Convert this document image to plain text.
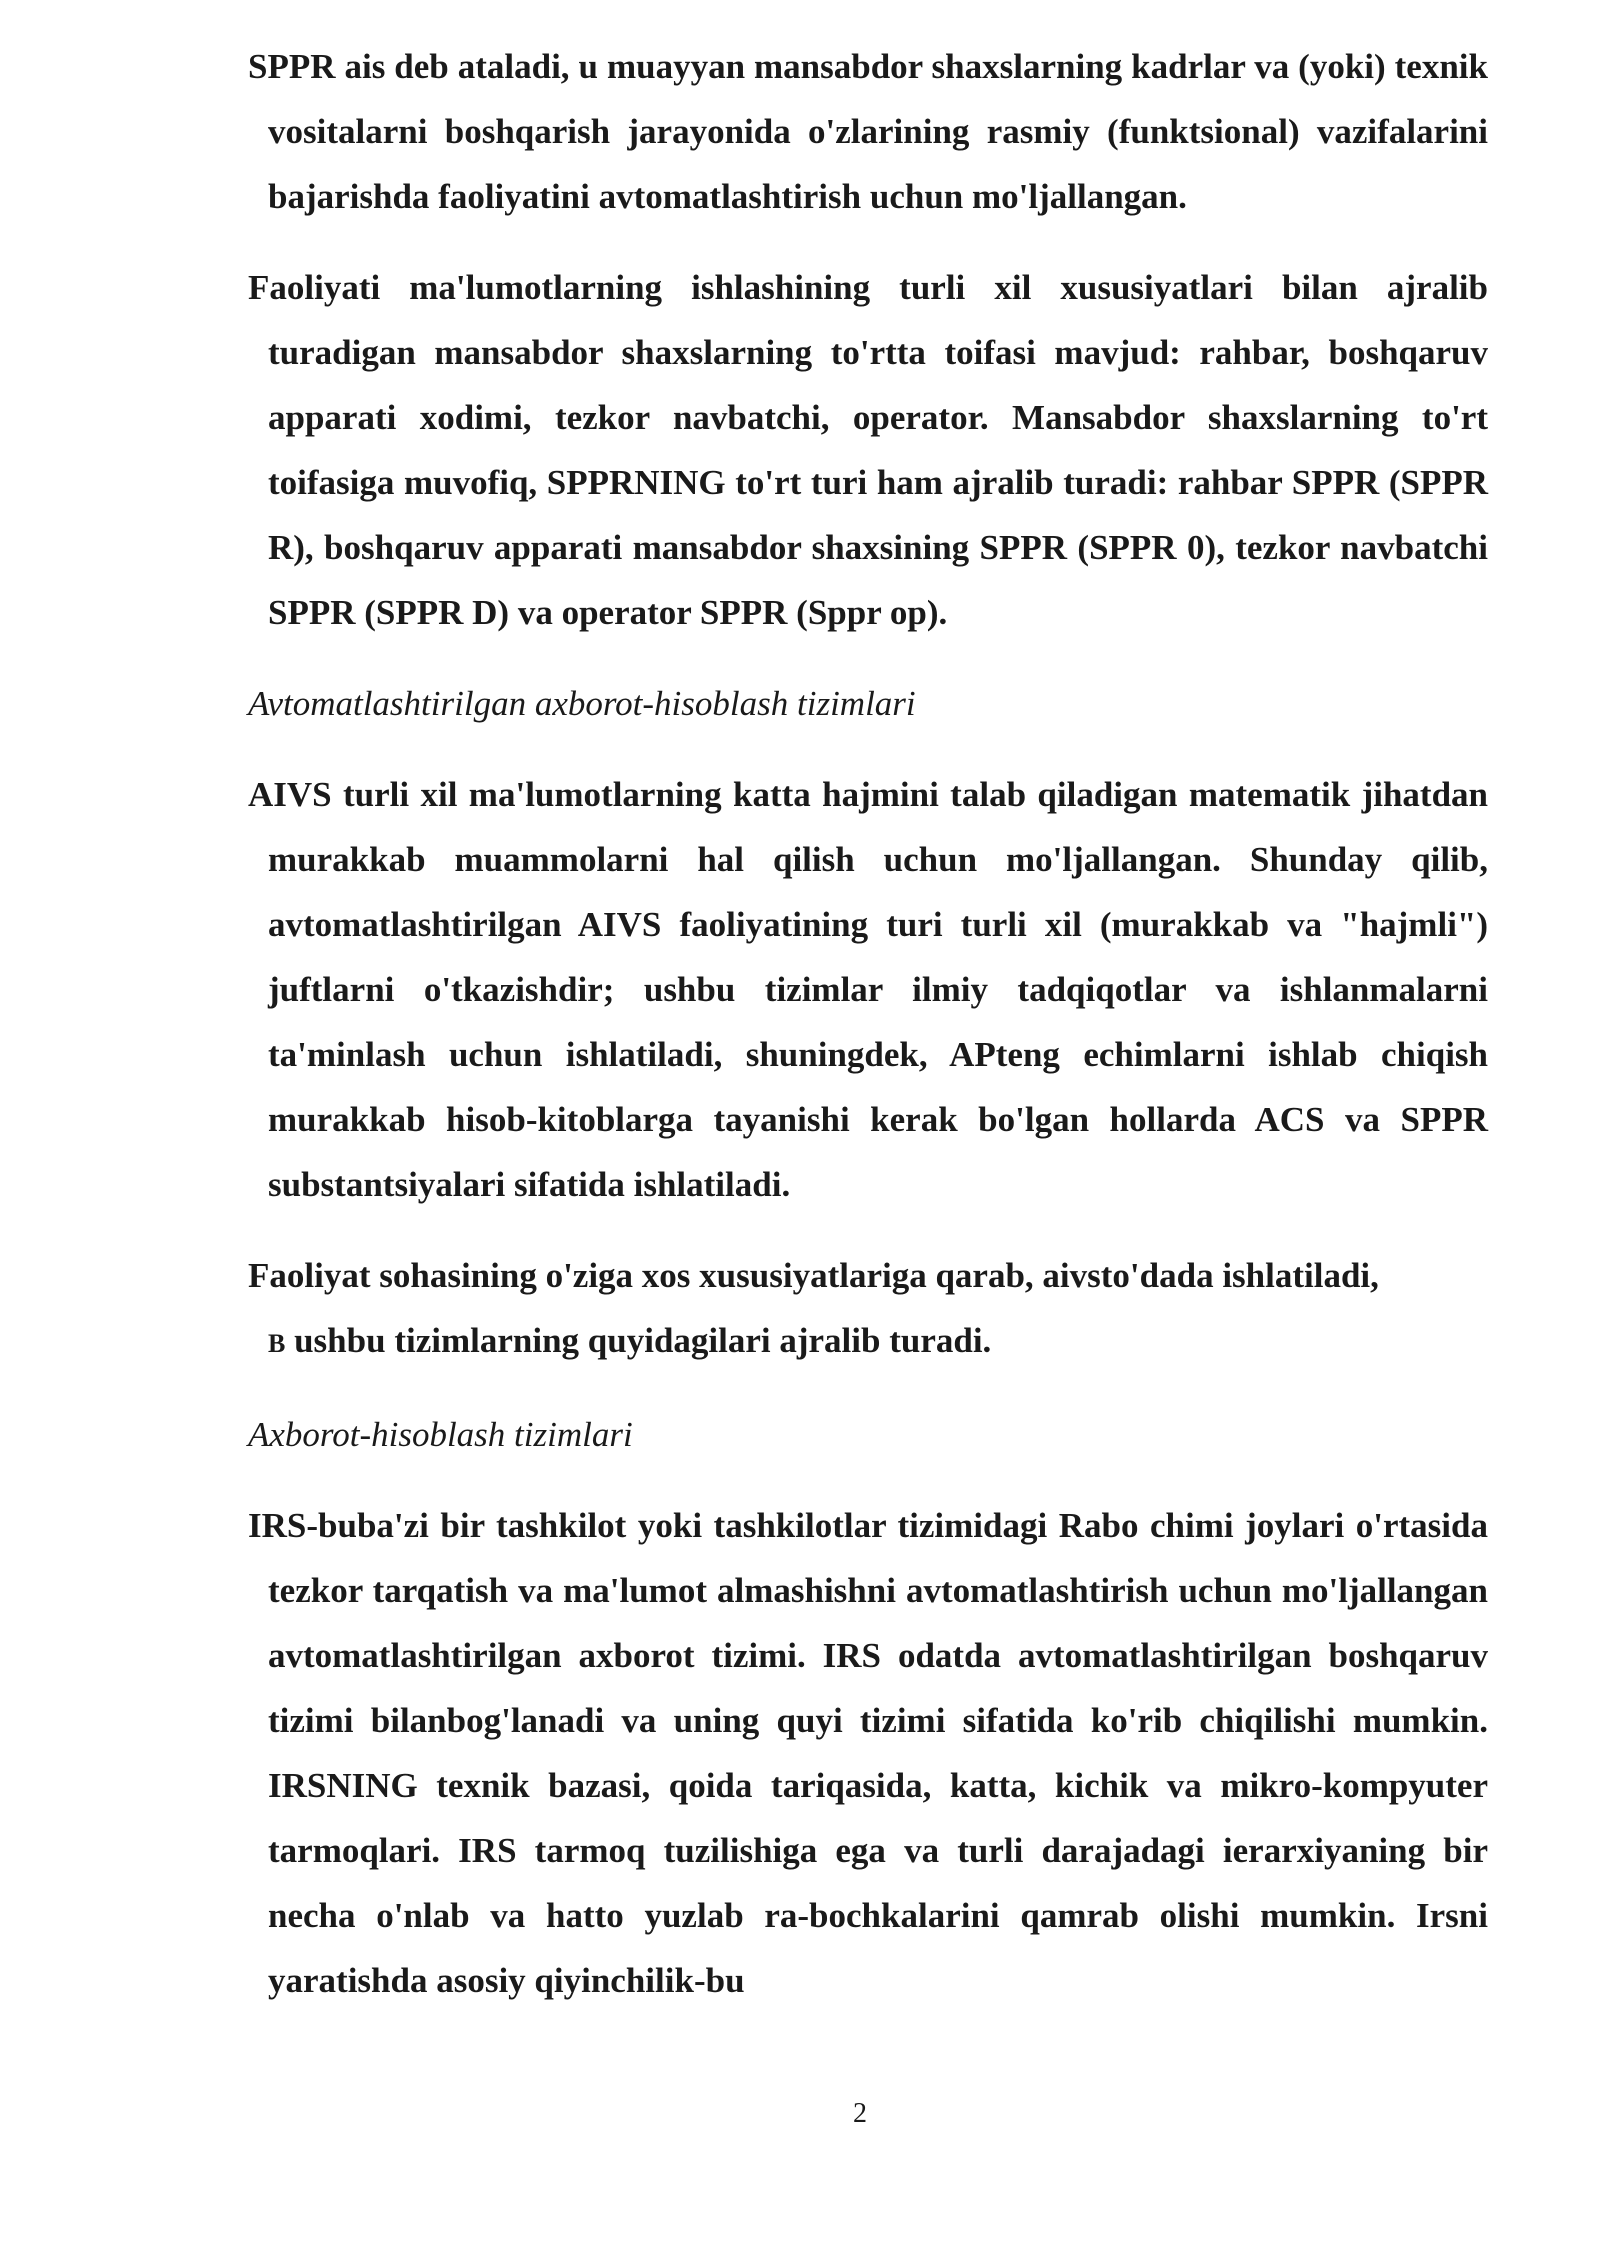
SPPR ais deb ataladi, u muayyan mansabdor shaxslarning kadrlar va (yoki) texnik vositalarni boshqarish jarayonida o'zlarining rasmiy (funktsional) vazifalarini bajarishda faoliyatini avtomatlashtirish uchun mo'ljallangan.

Faoliyati ma'lumotlarning ishlashining turli xil xususiyatlari bilan ajralib turadigan mansabdor shaxslarning to'rtta toifasi mavjud: rahbar, boshqaruv apparati xodimi, tezkor navbatchi, operator. Mansabdor shaxslarning to'rt toifasiga muvofiq, SPPRNING to'rt turi ham ajralib turadi: rahbar SPPR (SPPR R), boshqaruv apparati mansabdor shaxsining SPPR (SPPR 0), tezkor navbatchi SPPR (SPPR D) va operator SPPR (Sppr op).

Avtomatlashtirilgan axborot-hisoblash tizimlari

AIVS turli xil ma'lumotlarning katta hajmini talab qiladigan matematik jihatdan murakkab muammolarni hal qilish uchun mo'ljallangan. Shunday qilib, avtomatlashtirilgan AIVS faoliyatining turi turli xil (murakkab va "hajmli") juftlarni o'tkazishdir; ushbu tizimlar ilmiy tadqiqotlar va ishlanmalarni ta'minlash uchun ishlatiladi, shuningdek, APteng echimlarni ishlab chiqish murakkab hisob-kitoblarga tayanishi kerak bo'lgan hollarda ACS va SPPR substantsiyalari sifatida ishlatiladi.

Faoliyat sohasining o'ziga xos xususiyatlariga qarab, aivsto'dada ishlatiladi,
B ushbu tizimlarning quyidagilari ajralib turadi.

Axborot-hisoblash tizimlari

IRS-buba'zi bir tashkilot yoki tashkilotlar tizimidagi Rabo chimi joylari o'rtasida tezkor tarqatish va ma'lumot almashishni avtomatlashtirish uchun mo'ljallangan avtomatlashtirilgan axborot tizimi. IRS odatda avtomatlashtirilgan boshqaruv tizimi bilanbog'lanadi va uning quyi tizimi sifatida ko'rib chiqilishi mumkin. IRSNING texnik bazasi, qoida tariqasida, katta, kichik va mikro-kompyuter tarmoqlari. IRS tarmoq tuzilishiga ega va turli darajadagi ierarxiyaning bir necha o'nlab va hatto yuzlab ra-bochkalarini qamrab olishi mumkin. Irsni yaratishda asosiy qiyinchilik-bu

2
